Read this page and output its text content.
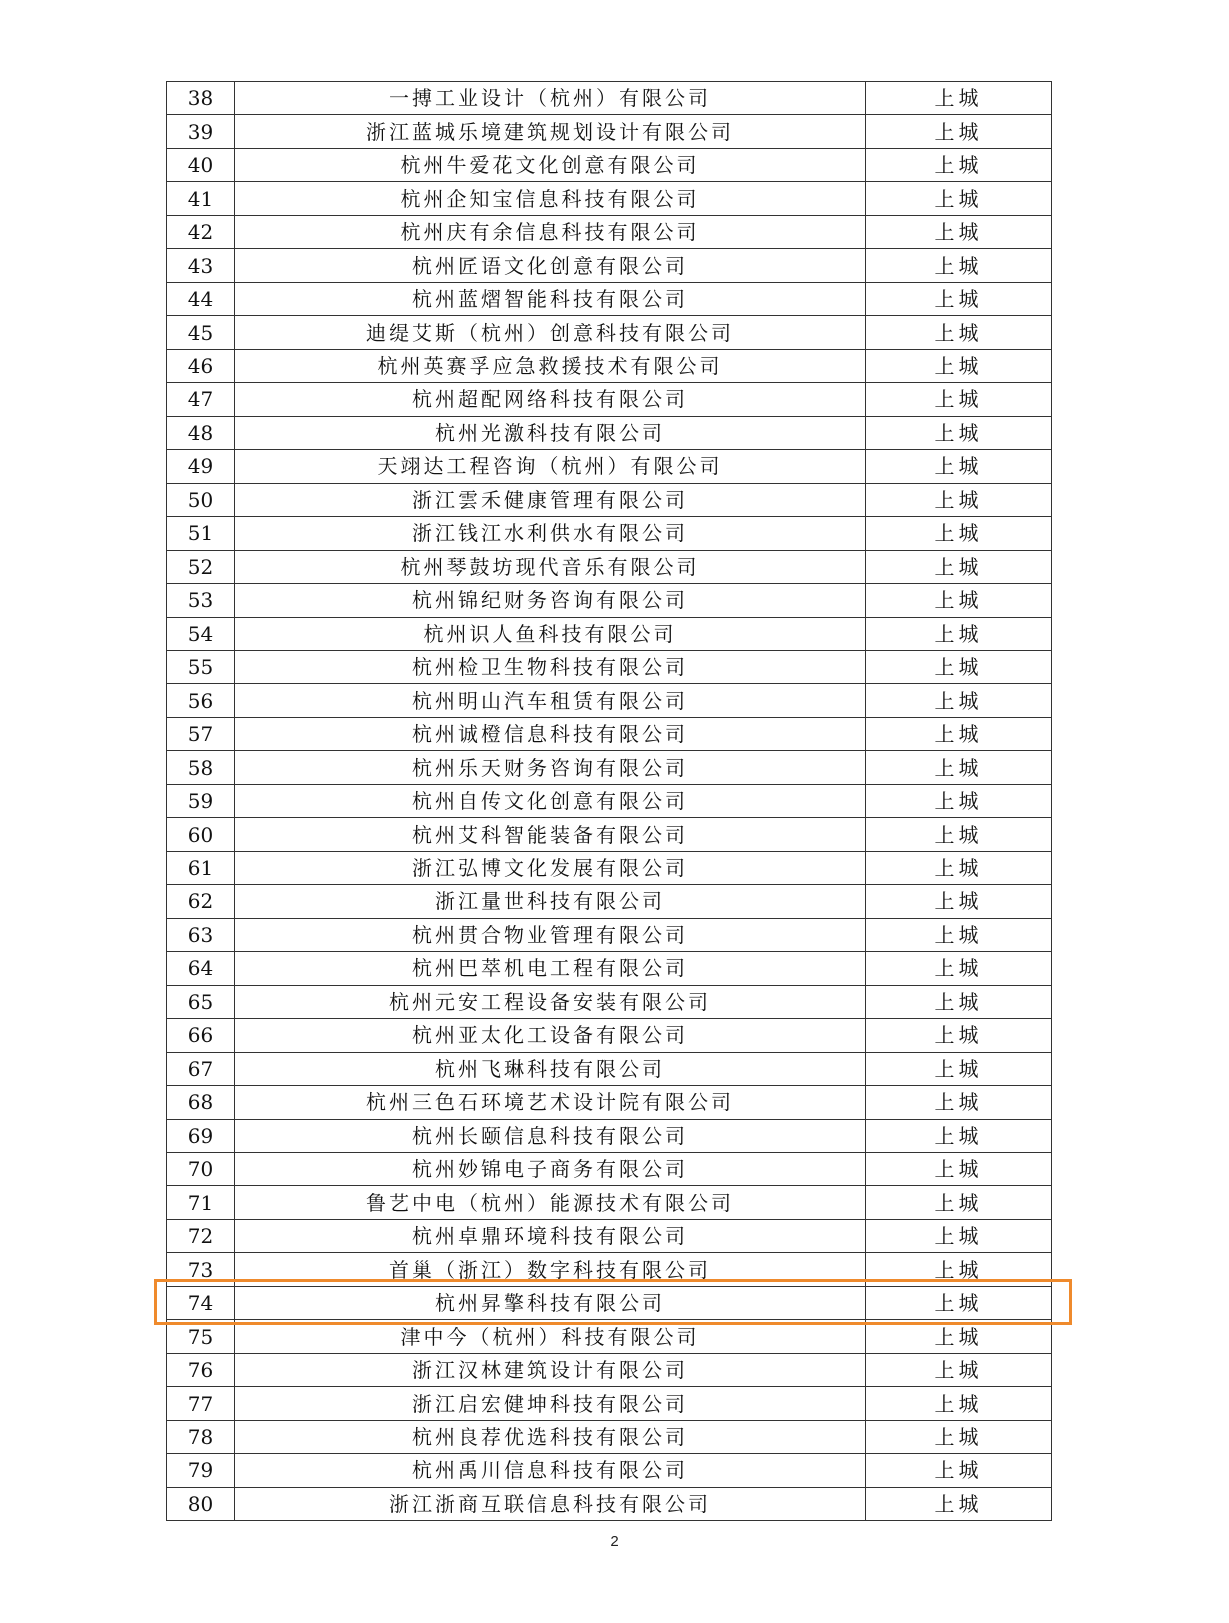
38	一搏工业设计（杭州）有限公司	上城
39	浙江蓝城乐境建筑规划设计有限公司	上城
40	杭州牛爱花文化创意有限公司	上城
41	杭州企知宝信息科技有限公司	上城
42	杭州庆有余信息科技有限公司	上城
43	杭州匠语文化创意有限公司	上城
44	杭州蓝熠智能科技有限公司	上城
45	迪缇艾斯（杭州）创意科技有限公司	上城
46	杭州英赛孚应急救援技术有限公司	上城
47	杭州超配网络科技有限公司	上城
48	杭州光激科技有限公司	上城
49	天翊达工程咨询（杭州）有限公司	上城
50	浙江雲禾健康管理有限公司	上城
51	浙江钱江水利供水有限公司	上城
52	杭州琴鼓坊现代音乐有限公司	上城
53	杭州锦纪财务咨询有限公司	上城
54	杭州识人鱼科技有限公司	上城
55	杭州检卫生物科技有限公司	上城
56	杭州明山汽车租赁有限公司	上城
57	杭州诚橙信息科技有限公司	上城
58	杭州乐天财务咨询有限公司	上城
59	杭州自传文化创意有限公司	上城
60	杭州艾科智能装备有限公司	上城
61	浙江弘博文化发展有限公司	上城
62	浙江量世科技有限公司	上城
63	杭州贯合物业管理有限公司	上城
64	杭州巴萃机电工程有限公司	上城
65	杭州元安工程设备安装有限公司	上城
66	杭州亚太化工设备有限公司	上城
67	杭州飞琳科技有限公司	上城
68	杭州三色石环境艺术设计院有限公司	上城
69	杭州长颐信息科技有限公司	上城
70	杭州妙锦电子商务有限公司	上城
71	鲁艺中电（杭州）能源技术有限公司	上城
72	杭州卓鼎环境科技有限公司	上城
73	首巢（浙江）数字科技有限公司	上城
74	杭州昇擎科技有限公司	上城
75	津中今（杭州）科技有限公司	上城
76	浙江汉林建筑设计有限公司	上城
77	浙江启宏健坤科技有限公司	上城
78	杭州良荐优选科技有限公司	上城
79	杭州禹川信息科技有限公司	上城
80	浙江浙商互联信息科技有限公司	上城
2
